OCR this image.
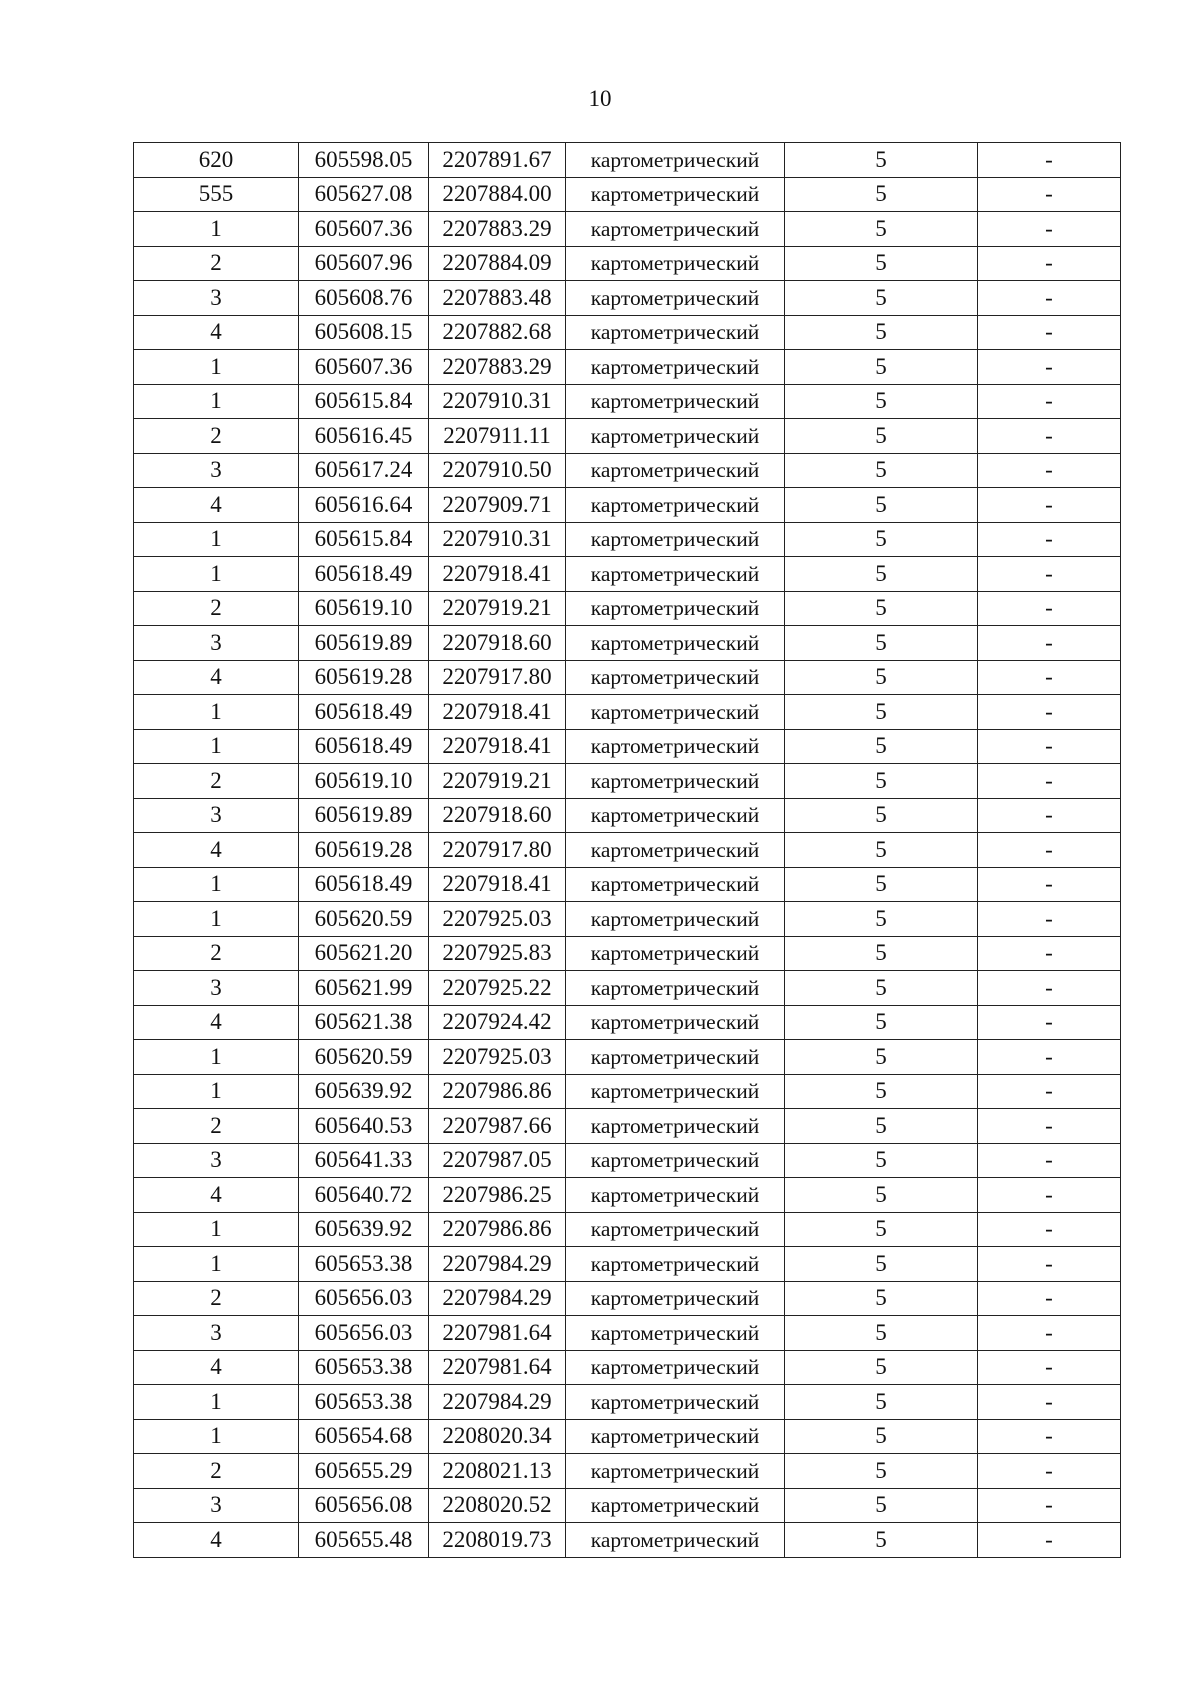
10
620	605598.05	2207891.67	картометрический	5	-
555	605627.08	2207884.00	картометрический	5	-
1	605607.36	2207883.29	картометрический	5	-
2	605607.96	2207884.09	картометрический	5	-
3	605608.76	2207883.48	картометрический	5	-
4	605608.15	2207882.68	картометрический	5	-
1	605607.36	2207883.29	картометрический	5	-
1	605615.84	2207910.31	картометрический	5	-
2	605616.45	2207911.11	картометрический	5	-
3	605617.24	2207910.50	картометрический	5	-
4	605616.64	2207909.71	картометрический	5	-
1	605615.84	2207910.31	картометрический	5	-
1	605618.49	2207918.41	картометрический	5	-
2	605619.10	2207919.21	картометрический	5	-
3	605619.89	2207918.60	картометрический	5	-
4	605619.28	2207917.80	картометрический	5	-
1	605618.49	2207918.41	картометрический	5	-
1	605618.49	2207918.41	картометрический	5	-
2	605619.10	2207919.21	картометрический	5	-
3	605619.89	2207918.60	картометрический	5	-
4	605619.28	2207917.80	картометрический	5	-
1	605618.49	2207918.41	картометрический	5	-
1	605620.59	2207925.03	картометрический	5	-
2	605621.20	2207925.83	картометрический	5	-
3	605621.99	2207925.22	картометрический	5	-
4	605621.38	2207924.42	картометрический	5	-
1	605620.59	2207925.03	картометрический	5	-
1	605639.92	2207986.86	картометрический	5	-
2	605640.53	2207987.66	картометрический	5	-
3	605641.33	2207987.05	картометрический	5	-
4	605640.72	2207986.25	картометрический	5	-
1	605639.92	2207986.86	картометрический	5	-
1	605653.38	2207984.29	картометрический	5	-
2	605656.03	2207984.29	картометрический	5	-
3	605656.03	2207981.64	картометрический	5	-
4	605653.38	2207981.64	картометрический	5	-
1	605653.38	2207984.29	картометрический	5	-
1	605654.68	2208020.34	картометрический	5	-
2	605655.29	2208021.13	картометрический	5	-
3	605656.08	2208020.52	картометрический	5	-
4	605655.48	2208019.73	картометрический	5	-
